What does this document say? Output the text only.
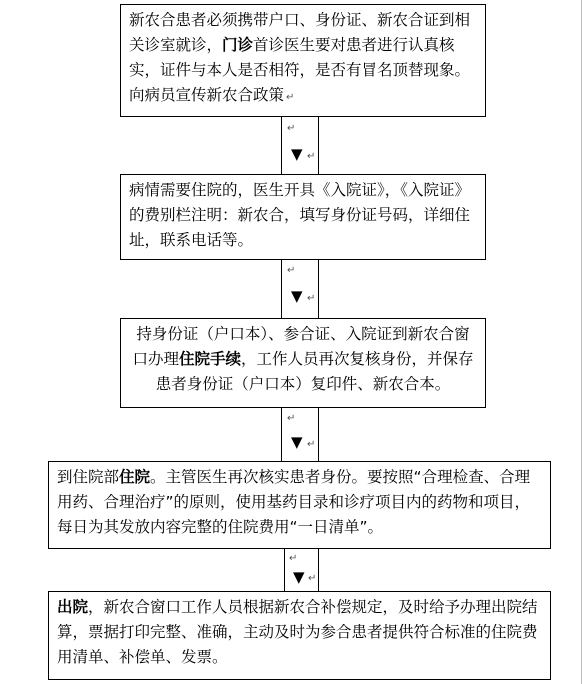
新农合患者必须携带户口、身份证、新农合证到相关诊室就诊，门诊首诊医生要对患者进行认真核实，证件与本人是否相符，是否有冒名顶替现象。向病员宣传新农合政策 ↵
↵
▼ ↵
病情需要住院的，医生开具《入院证》，《入院证》的费别栏注明：新农合，填写身份证号码，详细住址，联系电话等。
↵
▼ ↵
持身份证（户口本）、参合证、入院证到新农合窗口办理住院手续，工作人员再次复核身份，并保存患者身份证（户口本）复印件、新农合本。
↵
▼ ↵
到住院部住院。主管医生再次核实患者身份。要按照“合理检查、合理用药、合理治疗”的原则，使用基药目录和诊疗项目内的药物和项目，每日为其发放内容完整的住院费用“一日清单”。
↵
▼ ↵
出院，新农合窗口工作人员根据新农合补偿规定，及时给予办理出院结算，票据打印完整、准确，主动及时为参合患者提供符合标准的住院费用清单、补偿单、发票。
